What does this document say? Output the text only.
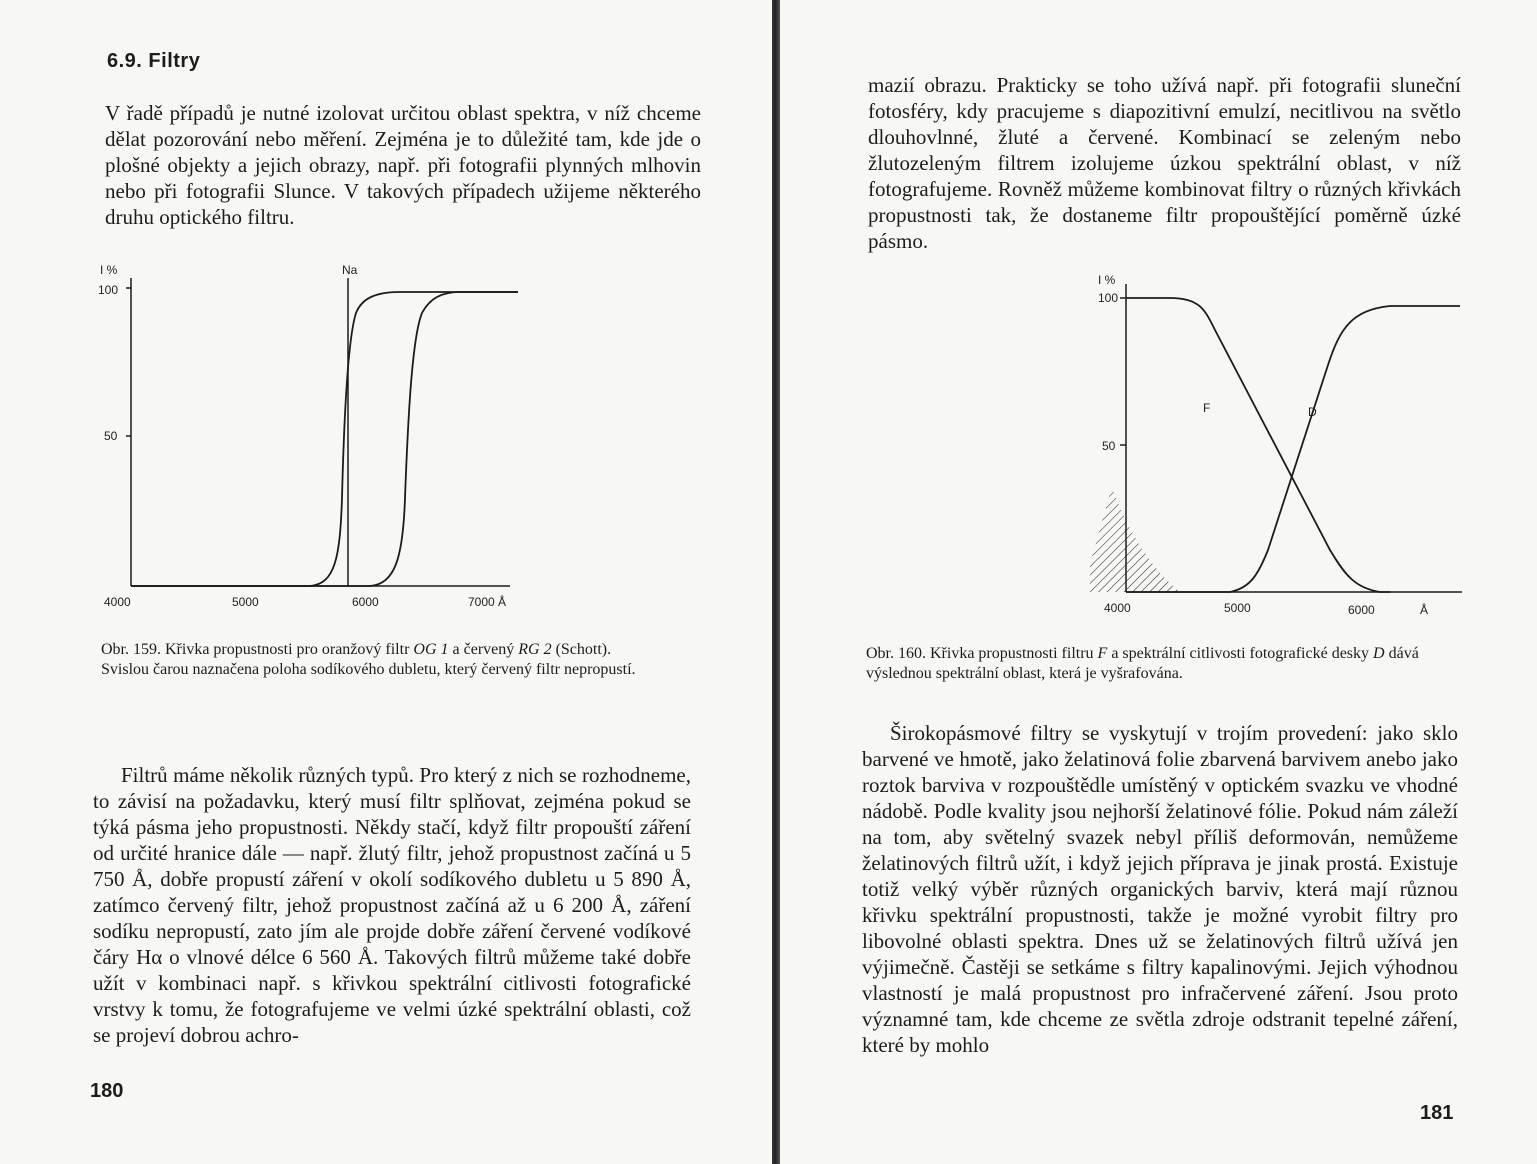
6.9. Filtry

V řadě případů je nutné izolovat určitou oblast spektra, v níž chceme dělat pozorování nebo měření. Zejména je to důležité tam, kde jde o plošné objekty a jejich obrazy, např. při fotografii plynných mlhovin nebo při fotografii Slunce. V takových případech užijeme některého druhu optického filtru.

I %
100
50
Na
4000	5000	6000	7000 Å
Obr. 159. Křivka propustnosti pro oranžový filtr OG 1 a červený RG 2 (Schott).
Svislou čarou naznačena poloha sodíkového dubletu, který červený filtr nepropustí.

Filtrů máme několik různých typů. Pro který z nich se rozhodneme, to závisí na požadavku, který musí filtr splňovat, zejména pokud se týká pásma jeho propustnosti. Někdy stačí, když filtr propouští záření od určité hranice dále — např. žlutý filtr, jehož propustnost začíná u 5 750 Å, dobře propustí záření v okolí sodíkového dubletu u 5 890 Å, zatímco červený filtr, jehož propustnost začíná až u 6 200 Å, záření sodíku nepropustí, zato jím ale projde dobře záření červené vodíkové čáry Hα o vlnové délce 6 560 Å. Takových filtrů můžeme také dobře užít v kombinaci např. s křivkou spektrální citlivosti fotografické vrstvy k tomu, že fotografujeme ve velmi úzké spektrální oblasti, což se projeví dobrou achro-

180

mazií obrazu. Prakticky se toho užívá např. při fotografii sluneční fotosféry, kdy pracujeme s diapozitivní emulzí, necitlivou na světlo dlouhovlnné, žluté a červené. Kombinací se zeleným nebo žlutozeleným filtrem izolujeme úzkou spektrální oblast, v níž fotografujeme. Rovněž můžeme kombinovat filtry o různých křivkách propustnosti tak, že dostaneme filtr propouštějící poměrně úzké pásmo.

I %
100
50
F	D
4000	5000	6000	Å
Obr. 160. Křivka propustnosti filtru F a spektrální citlivosti fotografické desky D dává výslednou spektrální oblast, která je vyšrafována.

Širokopásmové filtry se vyskytují v trojím provedení: jako sklo barvené ve hmotě, jako želatinová folie zbarvená barvivem anebo jako roztok barviva v rozpouštědle umístěný v optickém svazku ve vhodné nádobě. Podle kvality jsou nejhorší želatinové fólie. Pokud nám záleží na tom, aby světelný svazek nebyl příliš deformován, nemůžeme želatinových filtrů užít, i když jejich příprava je jinak prostá. Existuje totiž velký výběr různých organických barviv, která mají různou křivku spektrální propustnosti, takže je možné vyrobit filtry pro libovolné oblasti spektra. Dnes už se želatinových filtrů užívá jen výjimečně. Častěji se setkáme s filtry kapalinovými. Jejich výhodnou vlastností je malá propustnost pro infračervené záření. Jsou proto významné tam, kde chceme ze světla zdroje odstranit tepelné záření, které by mohlo

181
